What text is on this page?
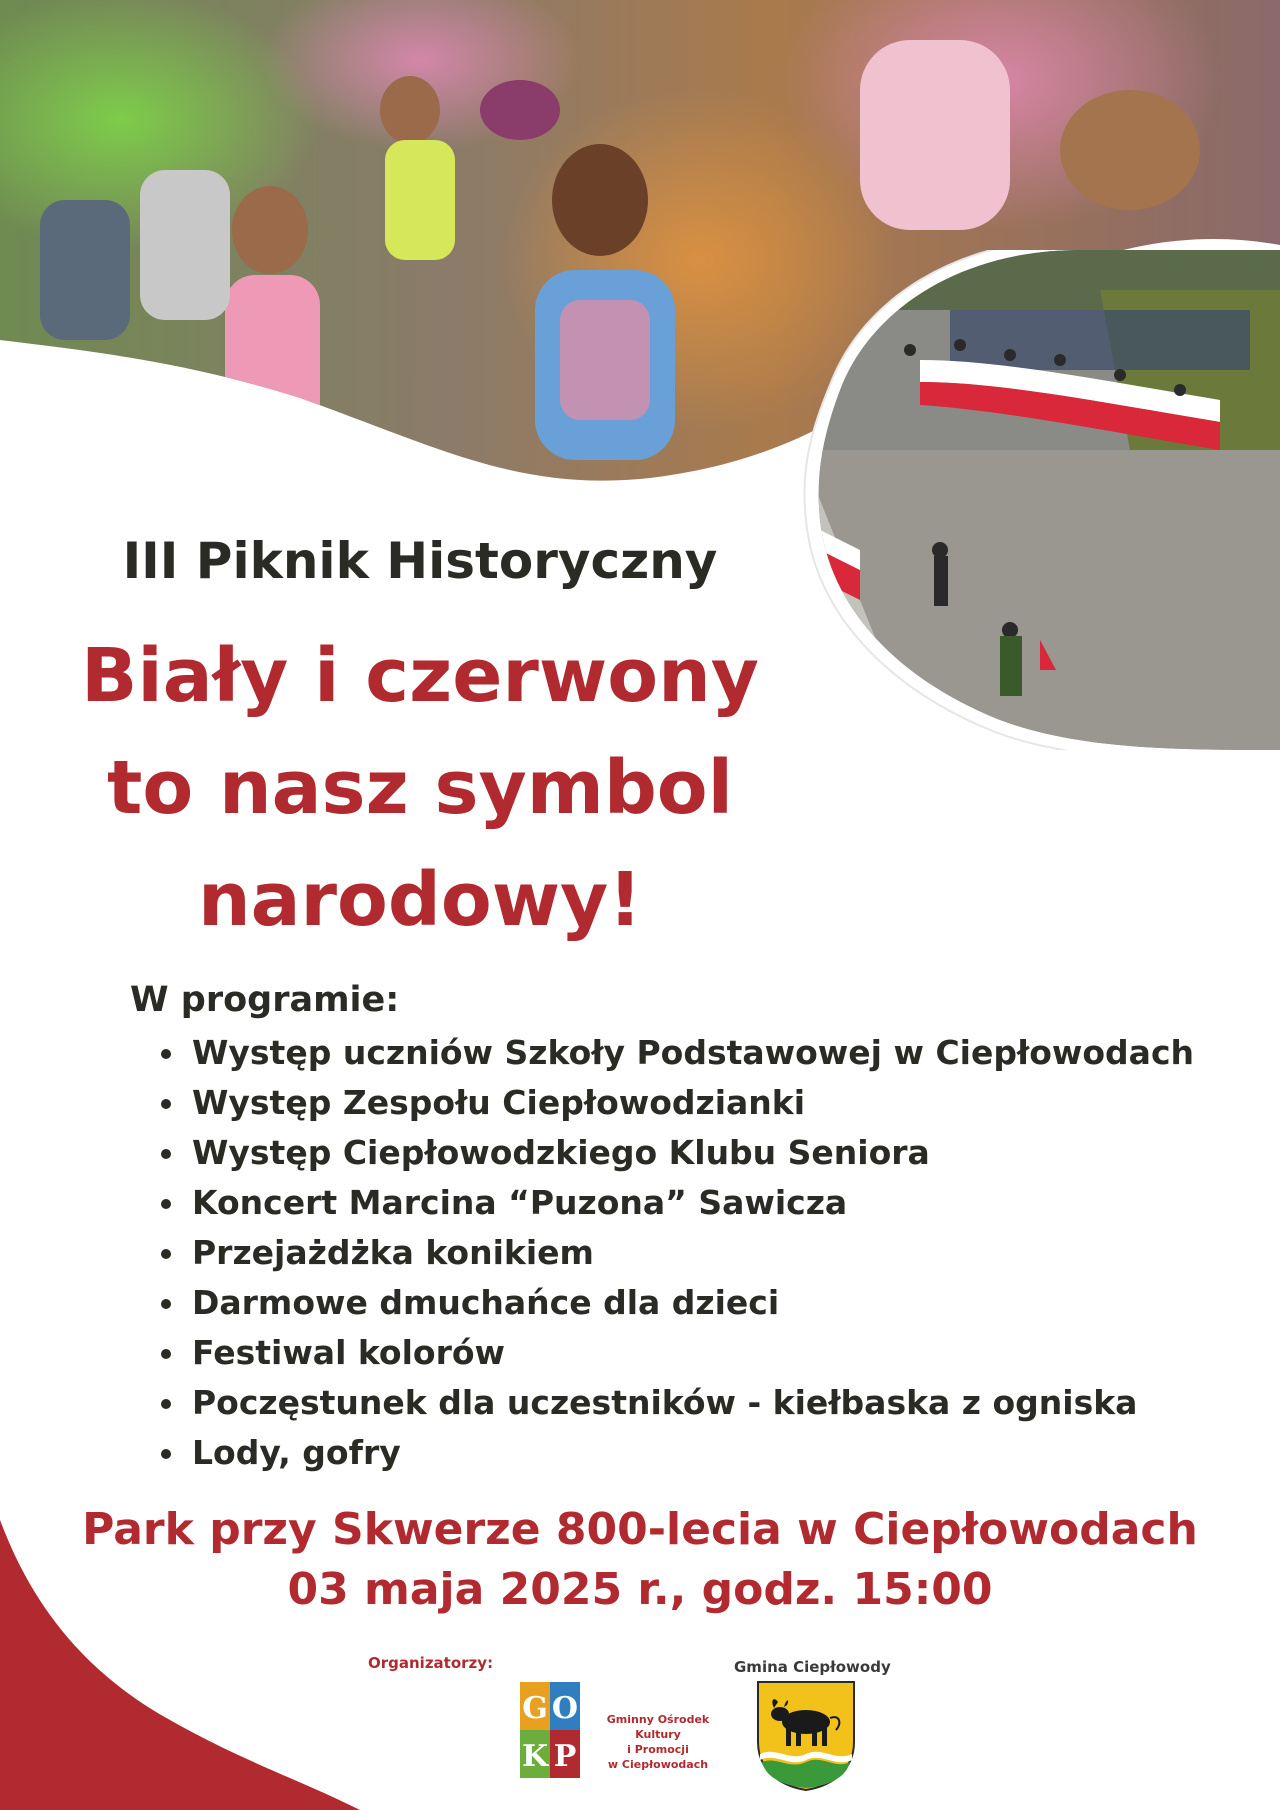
III Piknik Historyczny
Biały i czerwony
to nasz symbol
narodowy!
W programie:
• Występ uczniów Szkoły Podstawowej w Ciepłowodach
• Występ Zespołu Ciepłowodzianki
• Występ Ciepłowodzkiego Klubu Seniora
• Koncert Marcina “Puzona” Sawicza
• Przejażdżka konikiem
• Darmowe dmuchańce dla dzieci
• Festiwal kolorów
• Poczęstunek dla uczestników - kiełbaska z ogniska
• Lody, gofry
Park przy Skwerze 800-lecia w Ciepłowodach
03 maja 2025 r., godz. 15:00
Organizatorzy:	Gmina Ciepłowody
G O
K P
Gminny Ośrodek Kultury
i Promocji
w Ciepłowodach
